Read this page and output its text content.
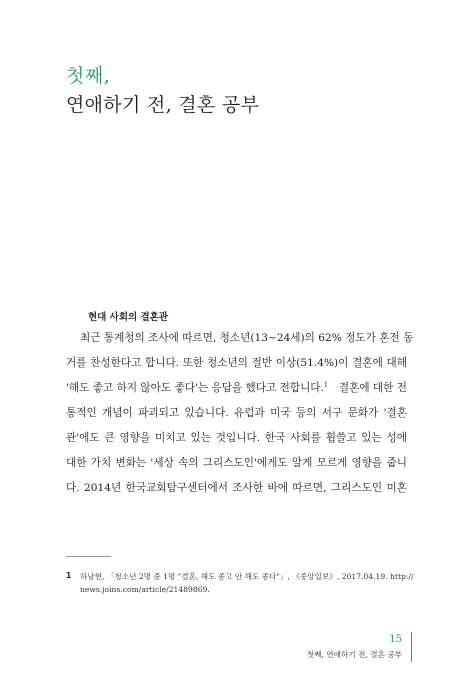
첫째,
연애하기 전, 결혼 공부
현대 사회의 결혼관
최근 통계청의 조사에 따르면, 청소년(13~24세)의 62% 정도가 혼전 동
거를 찬성한다고 합니다. 또한 청소년의 절반 이상(51.4%)이 결혼에 대해
'해도 좋고 하지 않아도 좋다'는 응답을 했다고 전합니다.$^1$ 결혼에 대한 전
통적인 개념이 파괴되고 있습니다. 유럽과 미국 등의 서구 문화가 '결혼
관'에도 큰 영향을 미치고 있는 것입니다. 한국 사회를 휩쓸고 있는 성에
대한 가치 변화는 '세상 속의 그리스도인'에게도 알게 모르게 영향을 줍니
다. 2014년 한국교회탐구센터에서 조사한 바에 따르면, 그리스도인 미혼
1 하남현, 「청소년 2명 중 1명 "결혼, 해도 좋고 안 해도 좋다"」, 《중앙일보》, 2017.04.19. http://
news.joins.com/article/21489869.
15
첫째, 연애하기 전, 결혼 공부
